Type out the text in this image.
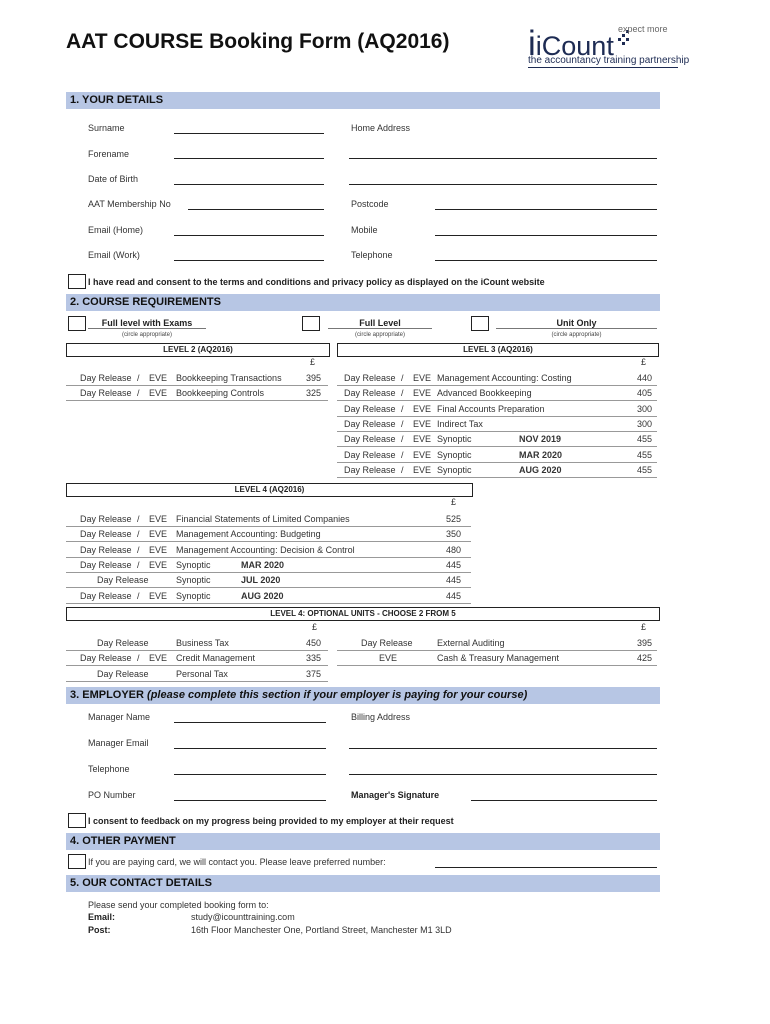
AAT COURSE Booking Form (AQ2016) iiCount
expect more
the accountancy training partnership
1. YOUR DETAILS
Surname
Forename
Date of Birth
AAT Membership No
Email (Home)
Email (Work)
Home Address
Postcode
Mobile
Telephone
I have read and consent to the terms and conditions and privacy policy as displayed on the iCount website
2. COURSE REQUIREMENTS
Full level with Exams
(circle appropriate)
Full Level
(circle appropriate)
Unit Only
(circle appropriate)
LEVEL 2 (AQ2016)	LEVEL 3 (AQ2016)
£	£
Day Release / EVE Bookkeeping Transactions	395
Day Release / EVE Bookkeeping Controls	325
Day Release / EVE Management Accounting: Costing	440
Day Release / EVE Advanced Bookkeeping	405
Day Release / EVE Final Accounts Preparation	300
Day Release / EVE Indirect Tax	300
Day Release / EVE Synoptic	NOV 2019	455
Day Release / EVE Synoptic	MAR 2020	455
Day Release / EVE Synoptic	AUG 2020	455
LEVEL 4 (AQ2016)
£
Day Release / EVE Financial Statements of Limited Companies	525
Day Release / EVE Management Accounting: Budgeting	350
Day Release / EVE Management Accounting: Decision & Control	480
Day Release / EVE Synoptic	MAR 2020	445
Day Release	Synoptic	JUL 2020	445
Day Release / EVE Synoptic	AUG 2020	445
LEVEL 4: OPTIONAL UNITS - CHOOSE 2 FROM 5
£	£
Day Release	Business Tax	450
Day Release / EVE Credit Management	335
Day Release	Personal Tax	375
Day Release	External Auditing	395
EVE	Cash & Treasury Management	425
3. EMPLOYER (please complete this section if your employer is paying for your course)
Manager Name
Manager Email
Telephone
PO Number
Billing Address
Manager's Signature
I consent to feedback on my progress being provided to my employer at their request
4. OTHER PAYMENT
If you are paying card, we will contact you. Please leave preferred number:
5. OUR CONTACT DETAILS
Please send your completed booking form to:
Email:	study@icounttraining.com
Post:	16th Floor Manchester One, Portland Street, Manchester M1 3LD
